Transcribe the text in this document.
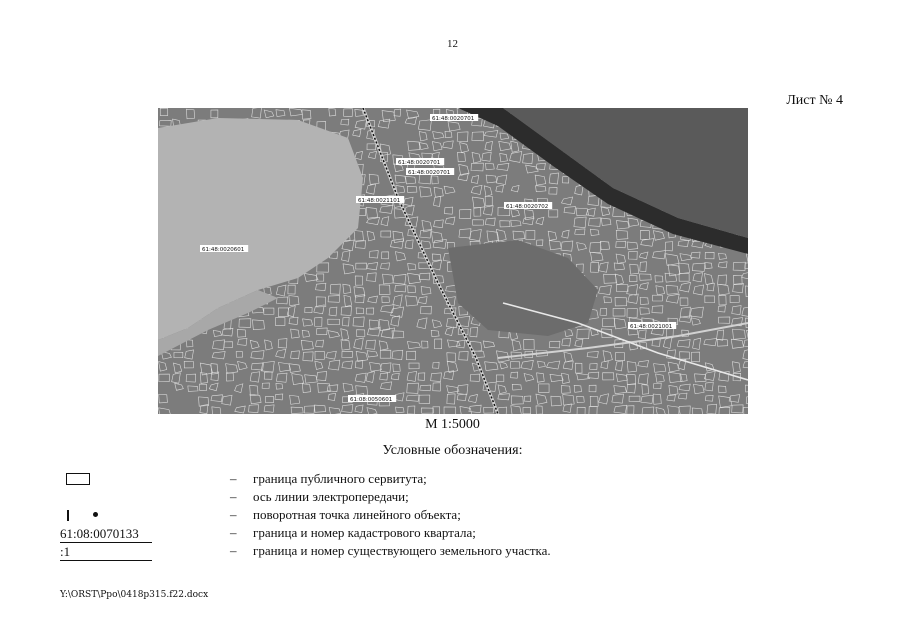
12
Лист № 4
61:48:0020701
61:48:0020701
61:48:0020701
61:48:0021101
61:48:0020702
61:48:0020601
61:48:0021001
61:08:0050601
М 1:5000
Условные обозначения:
– граница публичного сервитута;
– ось линии электропередачи;
– поворотная точка линейного объекта;
61:08:0070133	– граница и номер кадастрового квартала;
:1	– граница и номер существующего земельного участка.
Y:\ORST\Ppo\0418p315.f22.docx
